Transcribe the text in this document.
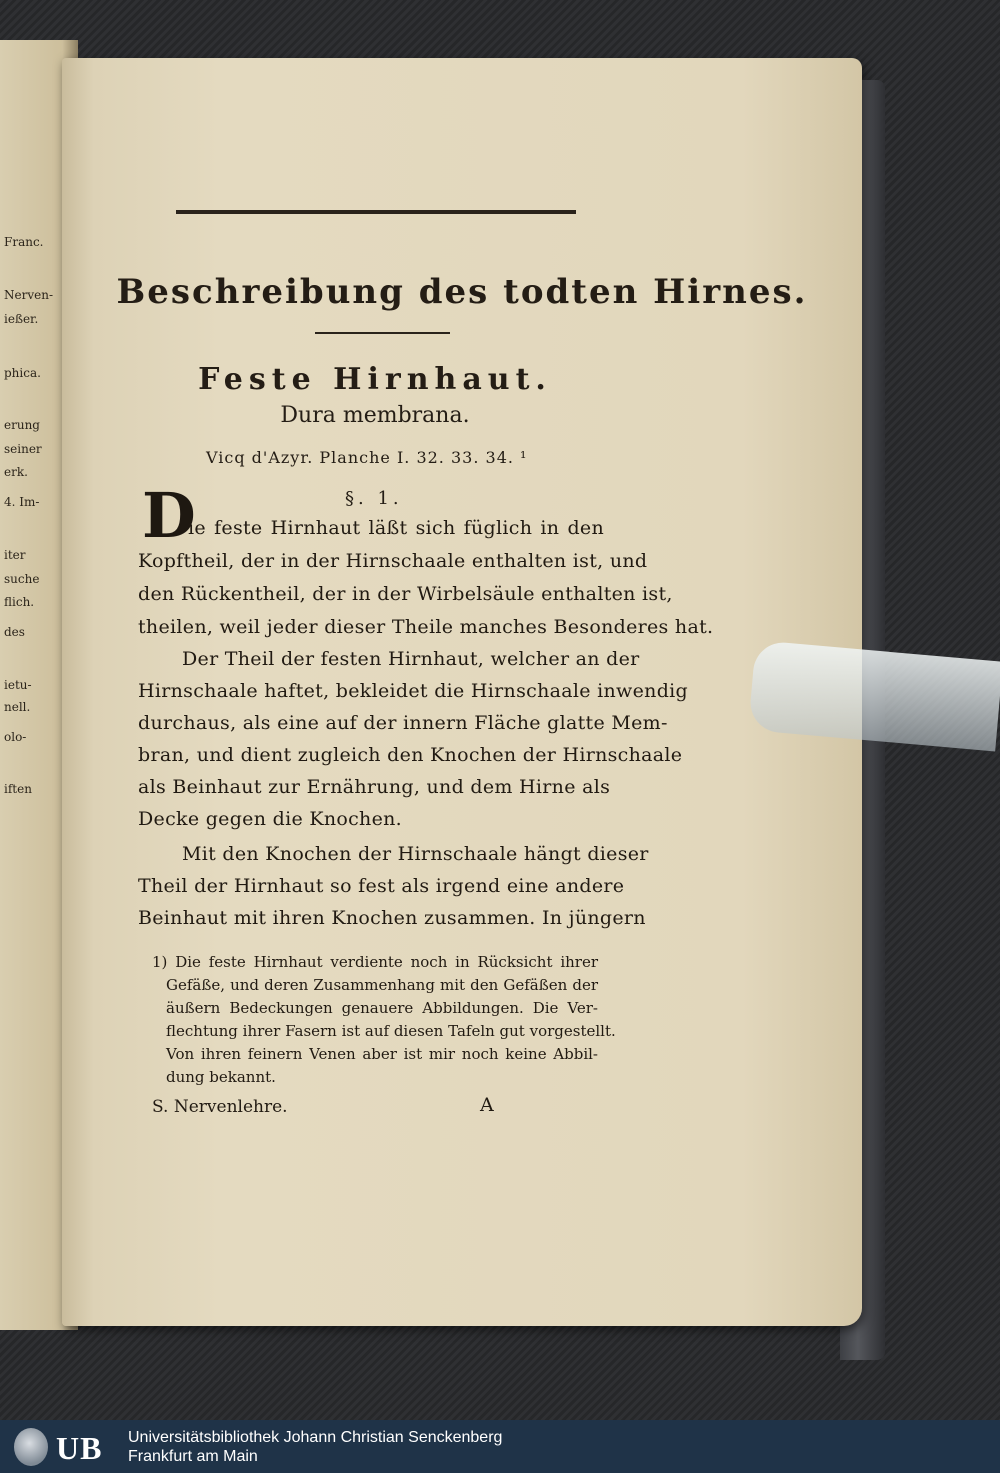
Franc.
Nerven-
ießer.
phica.
erung
seiner
erk.
4. Im-
iter
suche
flich.
des
ietu-
nell.
olo-
iften
Beschreibung des todten Hirnes.
Feste Hirnhaut.
Dura membrana.
Vicq d'Azyr. Planche I. 32. 33. 34. ¹
§. 1.
D
ie feste Hirnhaut läßt sich füglich in den
Kopftheil, der in der Hirnschaale enthalten ist, und
den Rückentheil, der in der Wirbelsäule enthalten ist,
theilen, weil jeder dieser Theile manches Besonderes hat.
Der Theil der festen Hirnhaut, welcher an der
Hirnschaale haftet, bekleidet die Hirnschaale inwendig
durchaus, als eine auf der innern Fläche glatte Mem-
bran, und dient zugleich den Knochen der Hirnschaale
als Beinhaut zur Ernährung, und dem Hirne als
Decke gegen die Knochen.
Mit den Knochen der Hirnschaale hängt dieser
Theil der Hirnhaut so fest als irgend eine andere
Beinhaut mit ihren Knochen zusammen. In jüngern
1) Die feste Hirnhaut verdiente noch in Rücksicht ihrer
Gefäße, und deren Zusammenhang mit den Gefäßen der
äußern Bedeckungen genauere Abbildungen. Die Ver-
flechtung ihrer Fasern ist auf diesen Tafeln gut vorgestellt.
Von ihren feinern Venen aber ist mir noch keine Abbil-
dung bekannt.
S. Nervenlehre.	A
UB Universitätsbibliothek Johann Christian Senckenberg
Frankfurt am Main
